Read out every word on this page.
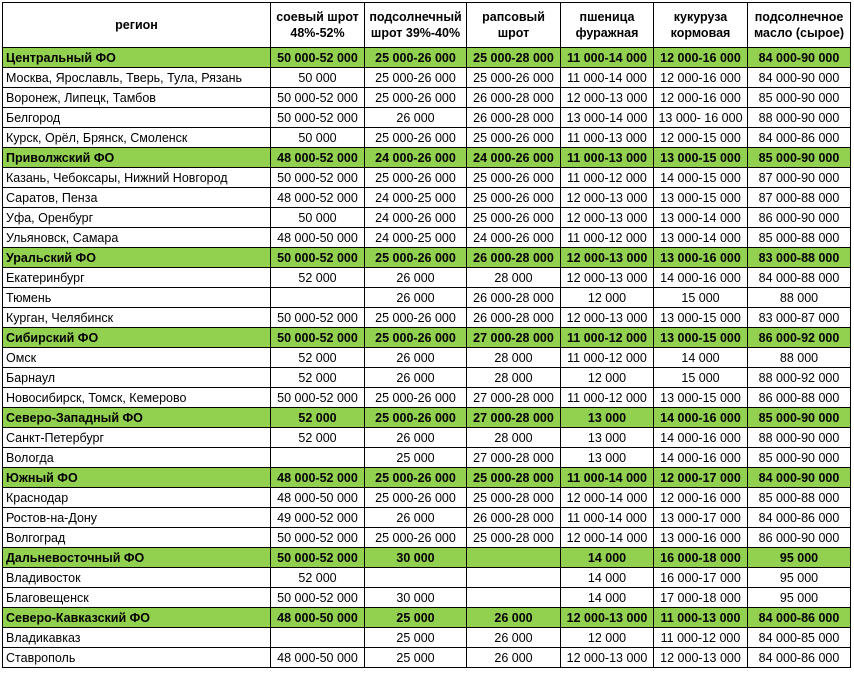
регион	соевый шрот 48%-52%	подсолнечный шрот 39%-40%	рапсовый шрот	пшеница фуражная	кукуруза кормовая	подсолнечное масло (сырое)
Центральный ФО	50 000-52 000	25 000-26 000	25 000-28 000	11 000-14 000	12 000-16 000	84 000-90 000
Москва, Ярославль, Тверь, Тула, Рязань	50 000	25 000-26 000	25 000-26 000	11 000-14 000	12 000-16 000	84 000-90 000
Воронеж, Липецк, Тамбов	50 000-52 000	25 000-26 000	26 000-28 000	12 000-13 000	12 000-16 000	85 000-90 000
Белгород	50 000-52 000	26 000	26 000-28 000	13 000-14 000	13 000- 16 000	88 000-90 000
Курск, Орёл, Брянск, Смоленск	50 000	25 000-26 000	25 000-26 000	11 000-13 000	12 000-15 000	84 000-86 000
Приволжский ФО	48 000-52 000	24 000-26 000	24 000-26 000	11 000-13 000	13 000-15 000	85 000-90 000
Казань, Чебоксары, Нижний Новгород	50 000-52 000	25 000-26 000	25 000-26 000	11 000-12 000	14 000-15 000	87 000-90 000
Саратов, Пенза	48 000-52 000	24 000-25 000	25 000-26 000	12 000-13 000	13 000-15 000	87 000-88 000
Уфа, Оренбург	50 000	24 000-26 000	25 000-26 000	12 000-13 000	13 000-14 000	86 000-90 000
Ульяновск, Самара	48 000-50 000	24 000-25 000	24 000-26 000	11 000-12 000	13 000-14 000	85 000-88 000
Уральский ФО	50 000-52 000	25 000-26 000	26 000-28 000	12 000-13 000	13 000-16 000	83 000-88 000
Екатеринбург	52 000	26 000	28 000	12 000-13 000	14 000-16 000	84 000-88 000
Тюмень		26 000	26 000-28 000	12 000	15 000	88 000
Курган, Челябинск	50 000-52 000	25 000-26 000	26 000-28 000	12 000-13 000	13 000-15 000	83 000-87 000
Сибирский ФО	50 000-52 000	25 000-26 000	27 000-28 000	11 000-12 000	13 000-15 000	86 000-92 000
Омск	52 000	26 000	28 000	11 000-12 000	14 000	88 000
Барнаул	52 000	26 000	28 000	12 000	15 000	88 000-92 000
Новосибирск, Томск, Кемерово	50 000-52 000	25 000-26 000	27 000-28 000	11 000-12 000	13 000-15 000	86 000-88 000
Северо-Западный ФО	52 000	25 000-26 000	27 000-28 000	13 000	14 000-16 000	85 000-90 000
Санкт-Петербург	52 000	26 000	28 000	13 000	14 000-16 000	88 000-90 000
Вологда		25 000	27 000-28 000	13 000	14 000-16 000	85 000-90 000
Южный ФО	48 000-52 000	25 000-26 000	25 000-28 000	11 000-14 000	12 000-17 000	84 000-90 000
Краснодар	48 000-50 000	25 000-26 000	25 000-28 000	12 000-14 000	12 000-16 000	85 000-88 000
Ростов-на-Дону	49 000-52 000	26 000	26 000-28 000	11 000-14 000	13 000-17 000	84 000-86 000
Волгоград	50 000-52 000	25 000-26 000	25 000-28 000	12 000-14 000	13 000-16 000	86 000-90 000
Дальневосточный ФО	50 000-52 000	30 000		14 000	16 000-18 000	95 000
Владивосток	52 000			14 000	16 000-17 000	95 000
Благовещенск	50 000-52 000	30 000		14 000	17 000-18 000	95 000
Северо-Кавказский ФО	48 000-50 000	25 000	26 000	12 000-13 000	11 000-13 000	84 000-86 000
Владикавказ		25 000	26 000	12 000	11 000-12 000	84 000-85 000
Ставрополь	48 000-50 000	25 000	26 000	12 000-13 000	12 000-13 000	84 000-86 000
